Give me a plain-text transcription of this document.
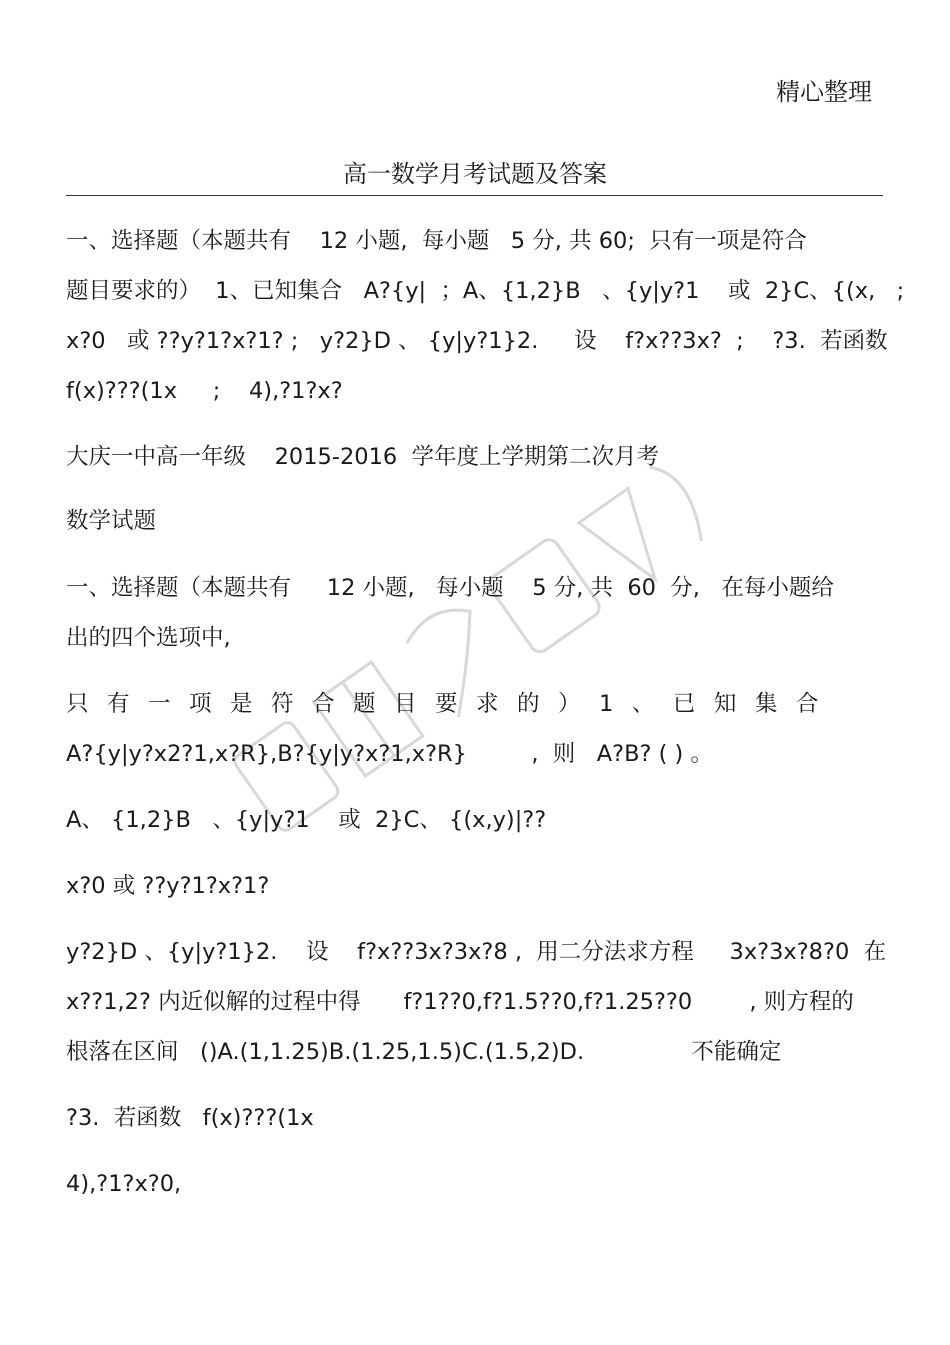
精心整理
高一数学月考试题及答案
一、选择题（本题共有    12 小题,  每小题   5 分, 共 60;  只有一项是符合
题目要求的）  1、已知集合   A?{y|  ；A、{1,2}B   、{y|y?1    或  2}C、{(x,   ;
x?0   或 ??y?1?x?1? ;   y?2}D 、 {y|y?1}2.     设    f?x??3x?  ;    ?3.  若函数
f(x)???(1x     ;    4),?1?x?
大庆一中高一年级    2015-2016  学年度上学期第二次月考
数学试题
一、选择题（本题共有     12 小题,   每小题    5 分, 共  60  分,   在每小题给
出的四个选项中,
只有一项是符合题目要求的）1、已知集合
A?{y|y?x2?1,x?R},B?{y|y?x?1,x?R}         ,  则   A?B? ( ) 。
A、 {1,2}B   、{y|y?1    或  2}C、 {(x,y)|??
x?0 或 ??y?1?x?1?
y?2}D 、{y|y?1}2.    设    f?x??3x?3x?8 ,  用二分法求方程     3x?3x?8?0  在
x??1,2? 内近似解的过程中得      f?1??0,f?1.5??0,f?1.25??0        , 则方程的
根落在区间   ()A.(1,1.25)B.(1.25,1.5)C.(1.5,2)D.               不能确定
?3.  若函数   f(x)???(1x
4),?1?x?0,
